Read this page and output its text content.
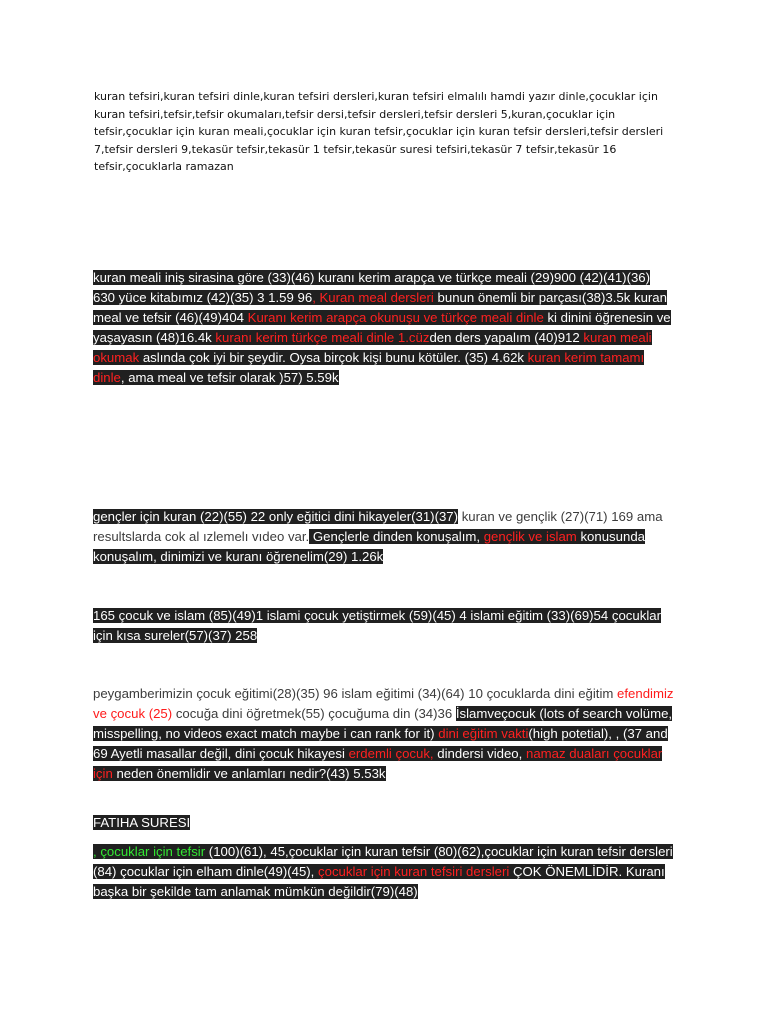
kuran tefsiri,kuran tefsiri dinle,kuran tefsiri dersleri,kuran tefsiri elmalılı hamdi yazır dinle,çocuklar için kuran tefsiri,tefsir,tefsir okumaları,tefsir dersi,tefsir dersleri,tefsir dersleri 5,kuran,çocuklar için tefsir,çocuklar için kuran meali,çocuklar için kuran tefsir,çocuklar için kuran tefsir dersleri,tefsir dersleri 7,tefsir dersleri 9,tekasür tefsir,tekasür 1 tefsir,tekasür suresi tefsiri,tekasür 7 tefsir,tekasür 16 tefsir,çocuklarla ramazan

kuran meali iniş sirasina göre (33)(46) kuranı kerim arapça ve türkçe meali (29)900 (42)(41)(36) 630 yüce kitabımız (42)(35) 3 1.59 96, Kuran meal dersleri bunun önemli bir parçası(38)3.5k kuran meal ve tefsir (46)(49)404 Kuranı kerim arapça okunuşu ve türkçe meali dinle ki dinini öğrenesin ve yaşayasın (48)16.4k kuranı kerim türkçe meali dinle 1.cüzden ders yapalım (40)912 kuran meali okumak aslında çok iyi bir şeydir. Oysa birçok kişi bunu kötüler. (35) 4.62k kuran kerim tamamı dinle, ama meal ve tefsir olarak )57) 5.59k

gençler için kuran (22)(55) 22 only eğitici dini hikayeler(31)(37) kuran ve gençlik (27)(71) 169 ama resultslarda cok al ızlemelı vıdeo var. Gençlerle dinden konuşalım, gençlik ve islam konusunda konuşalım, dinimizi ve kuranı öğrenelim(29) 1.26k

165 çocuk ve islam (85)(49)1 islami çocuk yetiştirmek (59)(45) 4 islami eğitim (33)(69)54 çocuklar için kısa sureler(57)(37) 258

peygamberimizin çocuk eğitimi(28)(35) 96 islam eğitimi (34)(64) 10 çocuklarda dini eğitim efendimiz ve çocuk (25) cocuğa dini öğretmek(55) çocuğuma din (34)36 İslamveçocuk (lots of search volüme, misspelling, no videos exact match maybe i can rank for it) dini eğitim vakti(high potetial), , (37 and 69 Ayetli masallar değil, dini çocuk hikayesi erdemli çocuk, dindersi video, namaz duaları çocuklar için neden önemlidir ve anlamları nedir?(43) 5.53k

FATIHA SURESI

, çocuklar için tefsir (100)(61), 45,çocuklar için kuran tefsir (80)(62),çocuklar için kuran tefsir dersleri (84) çocuklar için elham dinle(49)(45), çocuklar için kuran tefsiri dersleri ÇOK ÖNEMLİDİR. Kuranı başka bir şekilde tam anlamak mümkün değildir(79)(48)
